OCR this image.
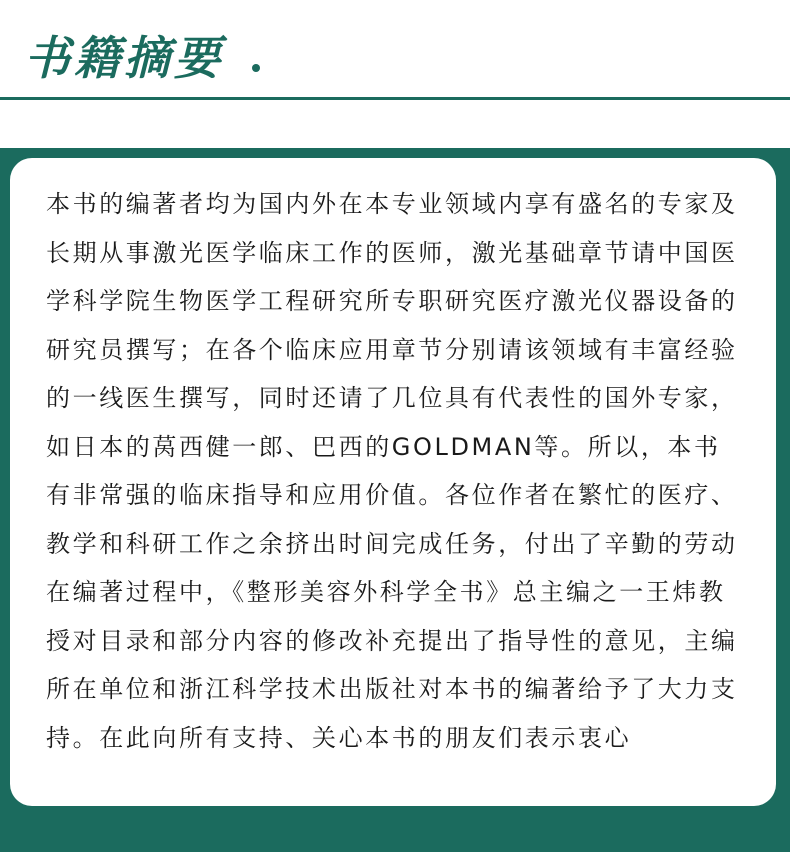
书籍摘要
本书的编著者均为国内外在本专业领域内享有盛名的专家及
长期从事激光医学临床工作的医师，激光基础章节请中国医
学科学院生物医学工程研究所专职研究医疗激光仪器设备的
研究员撰写；在各个临床应用章节分别请该领域有丰富经验
的一线医生撰写，同时还请了几位具有代表性的国外专家，
如日本的莴西健一郎、巴西的GOLDMAN等。所以，本书
有非常强的临床指导和应用价值。各位作者在繁忙的医疗、
教学和科研工作之余挤出时间完成任务，付出了辛勤的劳动
在编著过程中，《整形美容外科学全书》总主编之一王炜教
授对目录和部分内容的修改补充提出了指导性的意见，主编
所在单位和浙江科学技术出版社对本书的编著给予了大力支
持。在此向所有支持、关心本书的朋友们表示衷心
